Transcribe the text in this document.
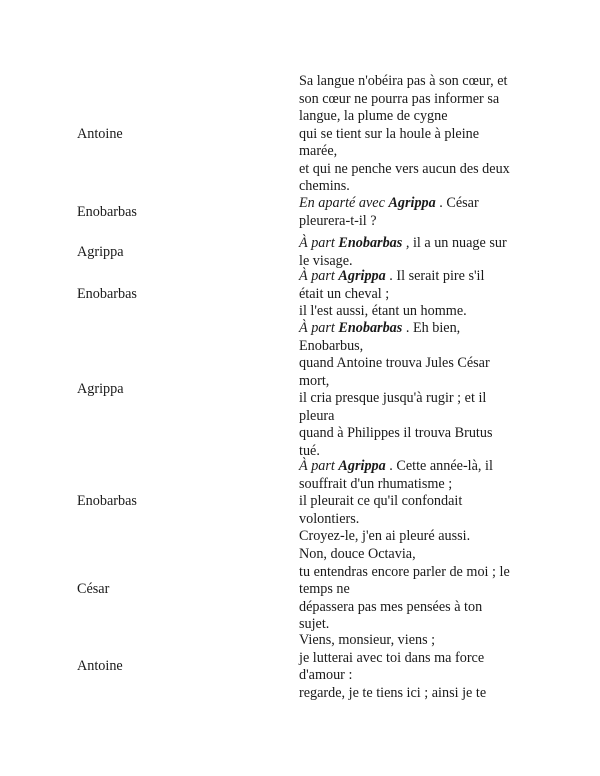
Antoine
Sa langue n'obéira pas à son cœur, et
son cœur ne pourra pas informer sa
langue, la plume de cygne
qui se tient sur la houle à pleine
marée,
et qui ne penche vers aucun des deux
chemins.
Enobarbas
En aparté avec Agrippa . César
pleurera-t-il ?
Agrippa
À part Enobarbas , il a un nuage sur
le visage.
Enobarbas
À part Agrippa . Il serait pire s'il
était un cheval ;
il l'est aussi, étant un homme.
Agrippa
À part Enobarbas . Eh bien,
Enobarbus,
quand Antoine trouva Jules César
mort,
il cria presque jusqu'à rugir ; et il
pleura
quand à Philippes il trouva Brutus
tué.
Enobarbas
À part Agrippa . Cette année-là, il
souffrait d'un rhumatisme ;
il pleurait ce qu'il confondait
volontiers.
Croyez-le, j'en ai pleuré aussi.
César
Non, douce Octavia,
tu entendras encore parler de moi ; le
temps ne
dépassera pas mes pensées à ton
sujet.
Antoine
Viens, monsieur, viens ;
je lutterai avec toi dans ma force
d'amour :
regarde, je te tiens ici ; ainsi je te
